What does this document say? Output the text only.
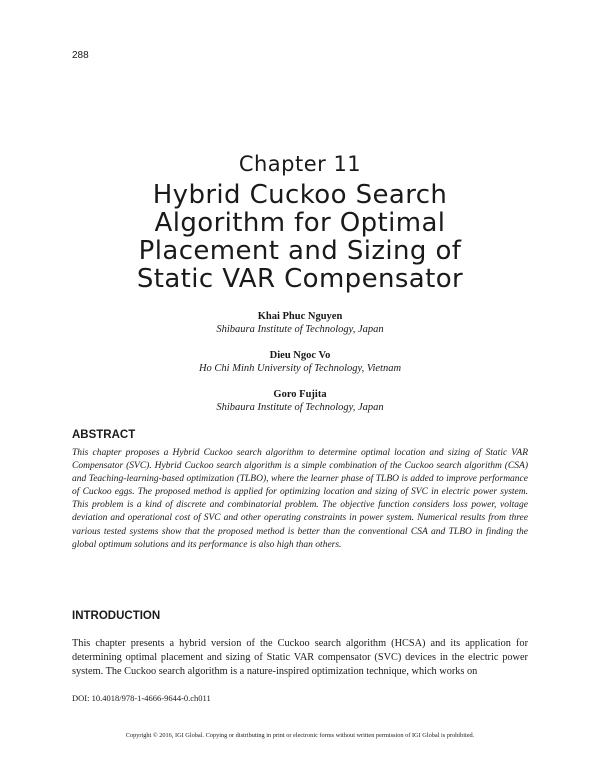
288
Chapter 11
Hybrid Cuckoo Search
Algorithm for Optimal
Placement and Sizing of
Static VAR Compensator
Khai Phuc Nguyen
Shibaura Institute of Technology, Japan
Dieu Ngoc Vo
Ho Chi Minh University of Technology, Vietnam
Goro Fujita
Shibaura Institute of Technology, Japan
ABSTRACT

This chapter proposes a Hybrid Cuckoo search algorithm to determine optimal location and sizing of Static VAR Compensator (SVC). Hybrid Cuckoo search algorithm is a simple combination of the Cuckoo search algorithm (CSA) and Teaching-learning-based optimization (TLBO), where the learner phase of TLBO is added to improve performance of Cuckoo eggs. The proposed method is applied for optimizing location and sizing of SVC in electric power system. This problem is a kind of discrete and combinatorial problem. The objective function considers loss power, voltage deviation and operational cost of SVC and other operating constraints in power system. Numerical results from three various tested systems show that the proposed method is better than the conventional CSA and TLBO in finding the global optimum solutions and its performance is also high than others.

INTRODUCTION

This chapter presents a hybrid version of the Cuckoo search algorithm (HCSA) and its application for determining optimal placement and sizing of Static VAR compensator (SVC) devices in the electric power system. The Cuckoo search algorithm is a nature-inspired optimization technique, which works on

DOI: 10.4018/978-1-4666-9644-0.ch011
Copyright © 2016, IGI Global. Copying or distributing in print or electronic forms without written permission of IGI Global is prohibited.
